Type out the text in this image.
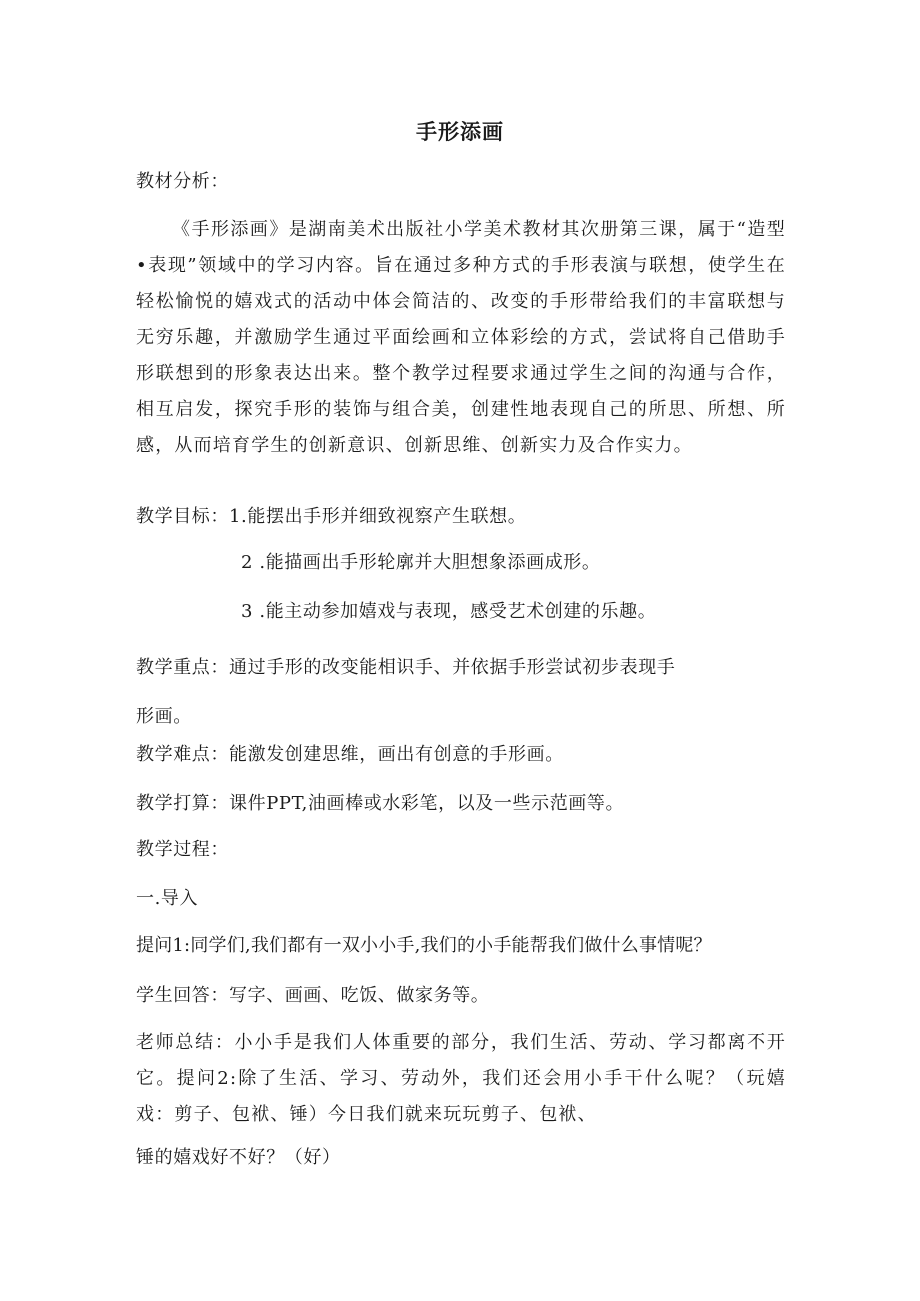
手形添画
教材分析：
《手形添画》是湖南美术出版社小学美术教材其次册第三课，属于“造型•表现”领域中的学习内容。旨在通过多种方式的手形表演与联想，使学生在轻松愉悦的嬉戏式的活动中体会简洁的、改变的手形带给我们的丰富联想与无穷乐趣，并激励学生通过平面绘画和立体彩绘的方式，尝试将自己借助手形联想到的形象表达出来。整个教学过程要求通过学生之间的沟通与合作，相互启发，探究手形的装饰与组合美，创建性地表现自己的所思、所想、所感，从而培育学生的创新意识、创新思维、创新实力及合作实力。
教学目标：1.能摆出手形并细致视察产生联想。
2 .能描画出手形轮廓并大胆想象添画成形。
3 .能主动参加嬉戏与表现，感受艺术创建的乐趣。
教学重点：通过手形的改变能相识手、并依据手形尝试初步表现手
形画。
教学难点：能激发创建思维，画出有创意的手形画。
教学打算：课件PPT,油画棒或水彩笔，以及一些示范画等。
教学过程：
一.导入
提问1:同学们,我们都有一双小小手,我们的小手能帮我们做什么事情呢？
学生回答：写字、画画、吃饭、做家务等。
老师总结：小小手是我们人体重要的部分，我们生活、劳动、学习都离不开它。提问2:除了生活、学习、劳动外，我们还会用小手干什么呢？（玩嬉戏：剪子、包袱、锤）今日我们就来玩玩剪子、包袱、
锤的嬉戏好不好？（好）
